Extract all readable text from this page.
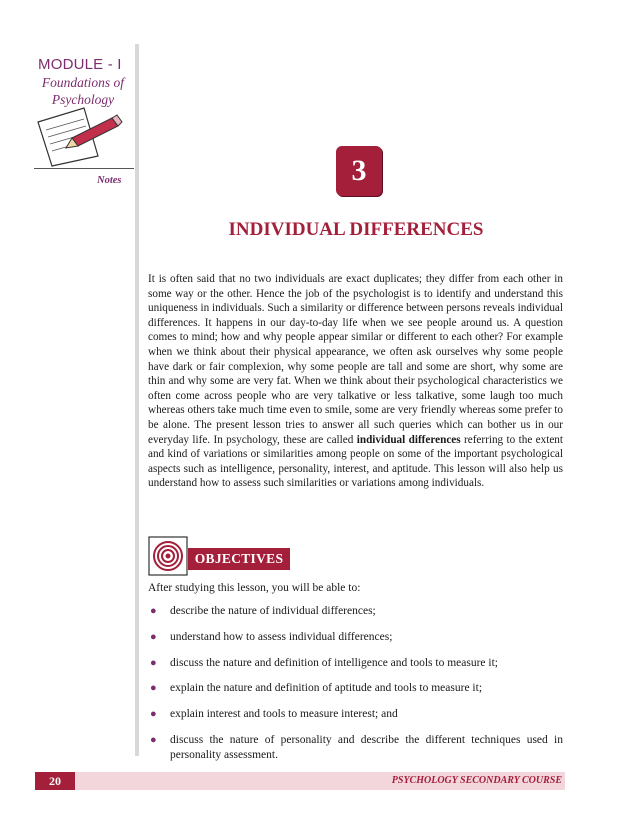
MODULE - I
Foundations of Psychology
Notes	3
INDIVIDUAL DIFFERENCES

It is often said that no two individuals are exact duplicates; they differ from each other in some way or the other. Hence the job of the psychologist is to identify and understand this uniqueness in individuals. Such a similarity or difference between persons reveals individual differences. It happens in our day-to-day life when we see people around us. A question comes to mind; how and why people appear similar or different to each other? For example when we think about their physical appearance, we often ask ourselves why some people have dark or fair complexion, why some people are tall and some are short, why some are thin and why some are very fat. When we think about their psychological characteristics we often come across people who are very talkative or less talkative, some laugh too much whereas others take much time even to smile, some are very friendly whereas some prefer to be alone. The present lesson tries to answer all such queries which can bother us in our everyday life. In psychology, these are called individual differences referring to the extent and kind of variations or similarities among people on some of the important psychological aspects such as intelligence, personality, interest, and aptitude. This lesson will also help us understand how to assess such similarities or variations among individuals.

OBJECTIVES

After studying this lesson, you will be able to:

● describe the nature of individual differences;
● understand how to assess individual differences;
● discuss the nature and definition of intelligence and tools to measure it;
● explain the nature and definition of aptitude and tools to measure it;
● explain interest and tools to measure interest; and
● discuss the nature of personality and describe the different techniques used in personality assessment.
20	PSYCHOLOGY SECONDARY COURSE
